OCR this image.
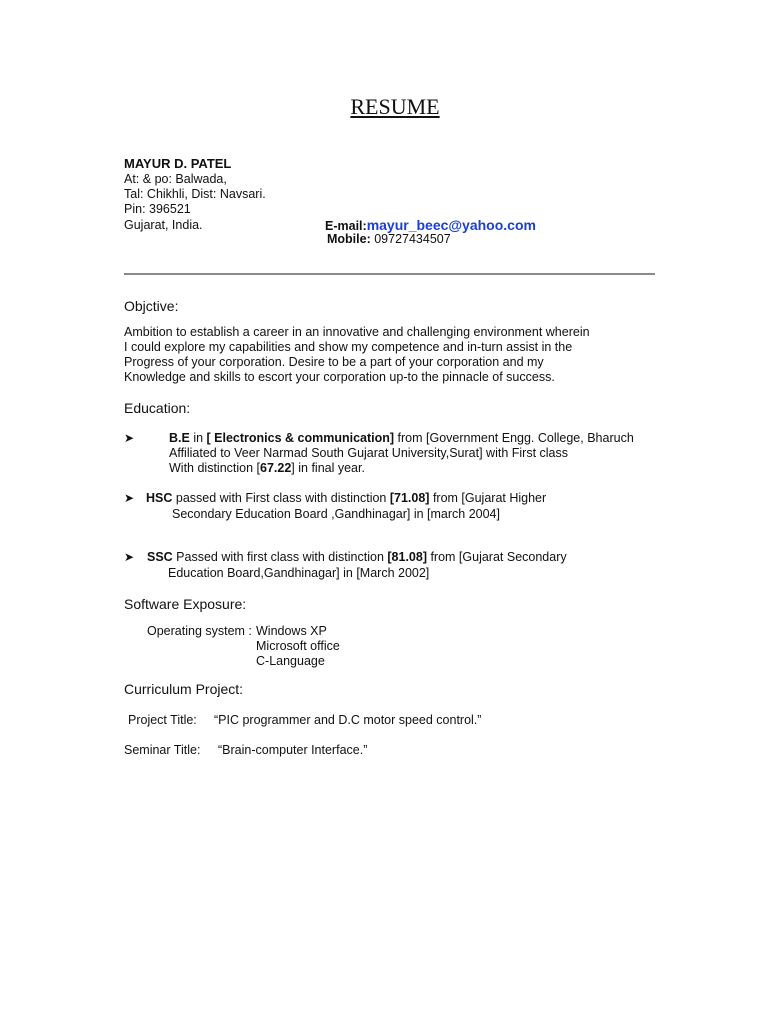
RESUME
MAYUR D. PATEL
At: & po: Balwada,
Tal: Chikhli, Dist: Navsari.
Pin: 396521
Gujarat, India.	E-mail:mayur_beec@yahoo.com
Mobile: 09727434507
Objctive:
Ambition to establish a career in an innovative and challenging environment wherein
I could explore my capabilities and show my competence and in-turn assist in the
Progress of your corporation. Desire to be a part of your corporation and my
Knowledge and skills to escort your corporation up-to the pinnacle of success.
Education:
➤	B.E in [ Electronics & communication] from [Government Engg. College, Bharuch
Affiliated to Veer Narmad South Gujarat University,Surat] with First class
With distinction [67.22] in final year.
➤ HSC passed with First class with distinction [71.08] from [Gujarat Higher
Secondary Education Board ,Gandhinagar] in [march 2004]
➤ SSC Passed with first class with distinction [81.08] from [Gujarat Secondary
Education Board,Gandhinagar] in [March 2002]
Software Exposure:
Operating system : Windows XP
Microsoft office
C-Language
Curriculum Project:
Project Title: “PIC programmer and D.C motor speed control.”
Seminar Title: “Brain-computer Interface.”
